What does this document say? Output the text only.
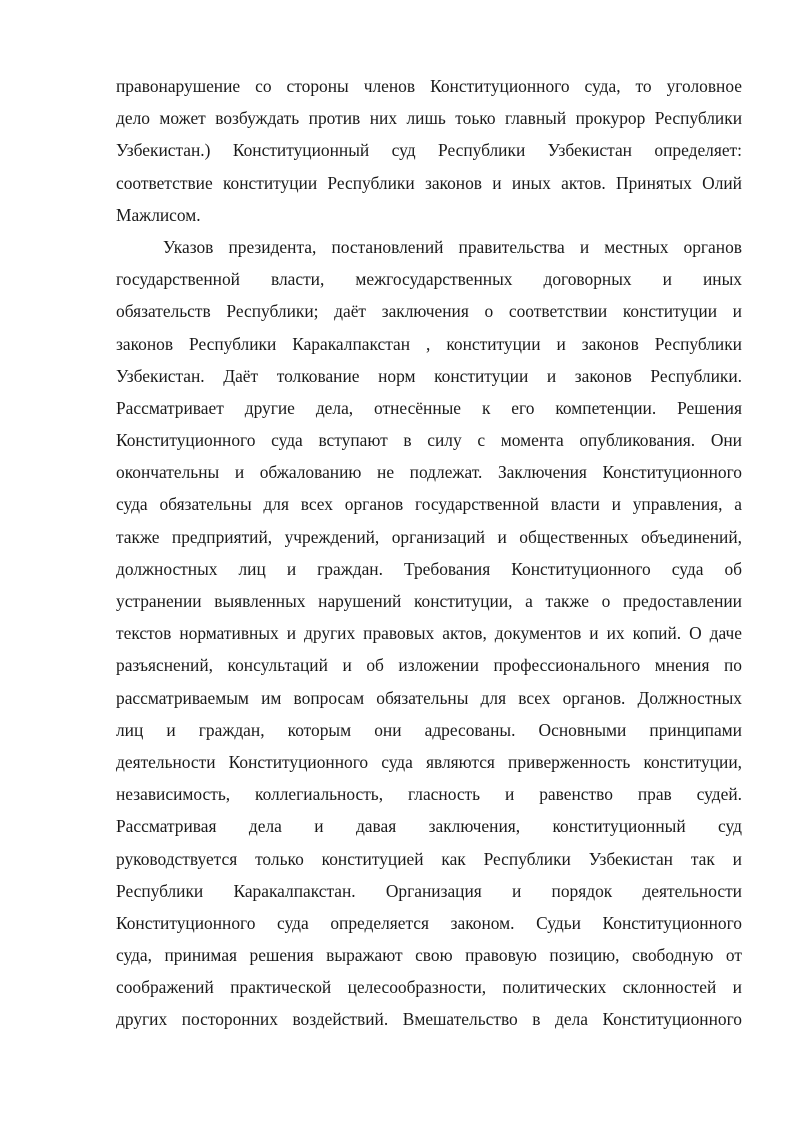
правонарушение со стороны членов Конституционного суда, то уголовное
дело может возбуждать против них лишь тоько главный прокурор Республики
Узбекистан.) Конституционный суд Республики Узбекистан определяет:
соответствие конституции Республики законов и иных актов. Принятых Олий
Мажлисом.
Указов президента, постановлений правительства и местных органов
государственной власти, межгосударственных договорных и иных
обязательств Республики; даёт заключения о соответствии конституции и
законов Республики Каракалпакстан , конституции и законов Республики
Узбекистан. Даёт толкование норм конституции и законов Республики.
Рассматривает другие дела, отнесённые к его компетенции. Решения
Конституционного суда вступают в силу с момента опубликования. Они
окончательны и обжалованию не подлежат. Заключения Конституционного
суда обязательны для всех органов государственной власти и управления, а
также предприятий, учреждений, организаций и общественных объединений,
должностных лиц и граждан. Требования Конституционного суда об
устранении выявленных нарушений конституции, а также о предоставлении
текстов нормативных и других правовых актов, документов и их копий. О даче
разъяснений, консультаций и об изложении профессионального мнения по
рассматриваемым им вопросам обязательны для всех органов. Должностных
лиц и граждан, которым они адресованы. Основными принципами
деятельности Конституционного суда являются приверженность конституции,
независимость, коллегиальность, гласность и равенство прав судей.
Рассматривая дела и давая заключения, конституционный суд
руководствуется только конституцией как Республики Узбекистан так и
Республики Каракалпакстан. Организация и порядок деятельности
Конституционного суда определяется законом. Судьи Конституционного
суда, принимая решения выражают свою правовую позицию, свободную от
соображений практической целесообразности, политических склонностей и
других посторонних воздействий. Вмешательство в дела Конституционного
